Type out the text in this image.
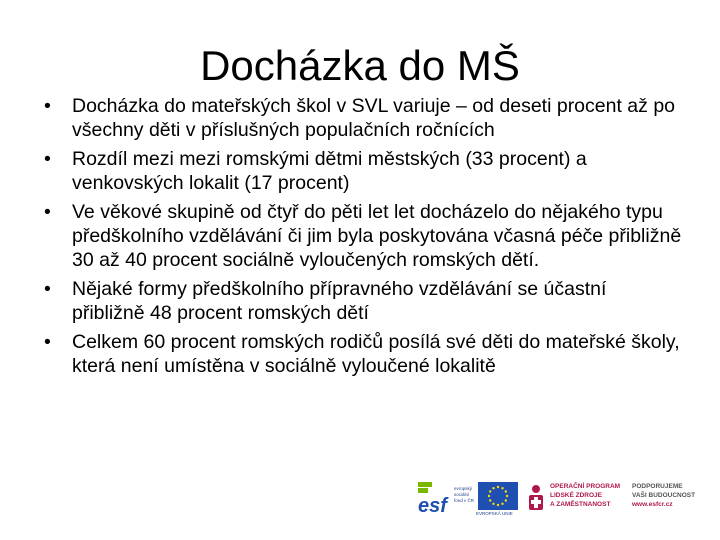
Docházka do MŠ
• Docházka do mateřských škol v SVL variuje – od deseti procent až po všechny děti v příslušných populačních ročnících
• Rozdíl mezi mezi romskými dětmi městských (33 procent) a venkovských lokalit (17 procent)
• Ve věkové skupině od čtyř do pěti let let docházelo do nějakého typu předškolního vzdělávání či jim byla poskytována včasná péče přibližně 30 až 40 procent sociálně vyloučených romských dětí.
• Nějaké formy předškolního přípravného vzdělávání se účastní přibližně 48 procent romských dětí
• Celkem 60 procent romských rodičů posílá své děti do mateřské školy, která není umístěna v sociálně vyloučené lokalitě
esf
evropský sociální fond v ČR
EVROPSKÁ UNIE
OPERAČNÍ PROGRAM
LIDSKÉ ZDROJE
A ZAMĚSTNANOST
PODPORUJEME
VAŠI BUDOUCNOST
www.esfcr.cz
